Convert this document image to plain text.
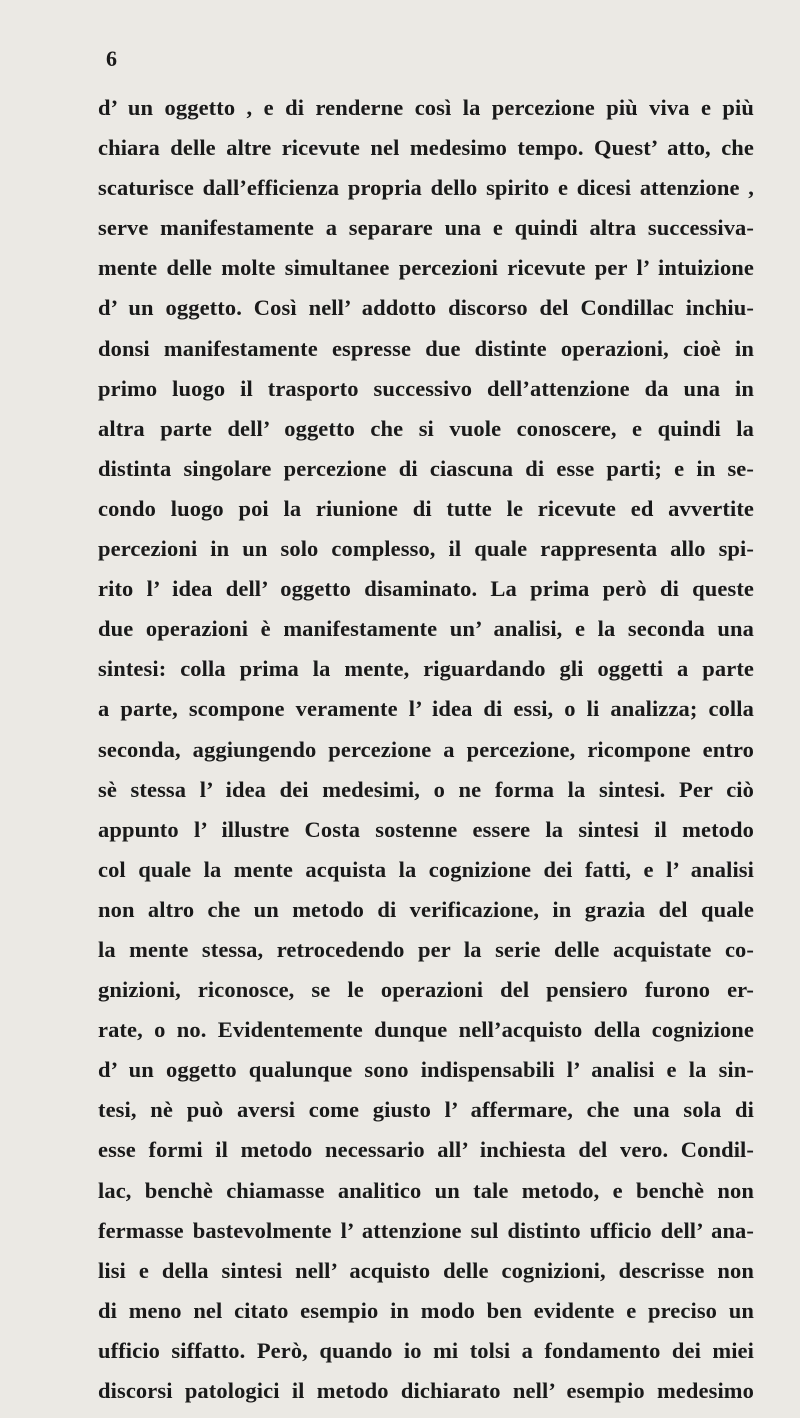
6
d’ un oggetto , e di renderne così la percezione più viva e più
chiara delle altre ricevute nel medesimo tempo. Quest’ atto, che
scaturisce dall’efficienza propria dello spirito e dicesi attenzione ,
serve manifestamente a separare una e quindi altra successiva-
mente delle molte simultanee percezioni ricevute per l’ intuizione
d’ un oggetto. Così nell’ addotto discorso del Condillac inchiu-
donsi manifestamente espresse due distinte operazioni, cioè in
primo luogo il trasporto successivo dell’attenzione da una in
altra parte dell’ oggetto che si vuole conoscere, e quindi la
distinta singolare percezione di ciascuna di esse parti; e in se-
condo luogo poi la riunione di tutte le ricevute ed avvertite
percezioni in un solo complesso, il quale rappresenta allo spi-
rito l’ idea dell’ oggetto disaminato. La prima però di queste
due operazioni è manifestamente un’ analisi, e la seconda una
sintesi: colla prima la mente, riguardando gli oggetti a parte
a parte, scompone veramente l’ idea di essi, o li analizza; colla
seconda, aggiungendo percezione a percezione, ricompone entro
sè stessa l’ idea dei medesimi, o ne forma la sintesi. Per ciò
appunto l’ illustre Costa sostenne essere la sintesi il metodo
col quale la mente acquista la cognizione dei fatti, e l’ analisi
non altro che un metodo di verificazione, in grazia del quale
la mente stessa, retrocedendo per la serie delle acquistate co-
gnizioni, riconosce, se le operazioni del pensiero furono er-
rate, o no. Evidentemente dunque nell’acquisto della cognizione
d’ un oggetto qualunque sono indispensabili l’ analisi e la sin-
tesi, nè può aversi come giusto l’ affermare, che una sola di
esse formi il metodo necessario all’ inchiesta del vero. Condil-
lac, benchè chiamasse analitico un tale metodo, e benchè non
fermasse bastevolmente l’ attenzione sul distinto ufficio dell’ ana-
lisi e della sintesi nell’ acquisto delle cognizioni, descrisse non
di meno nel citato esempio in modo ben evidente e preciso un
ufficio siffatto. Però, quando io mi tolsi a fondamento dei miei
discorsi patologici il metodo dichiarato nell’ esempio medesimo
